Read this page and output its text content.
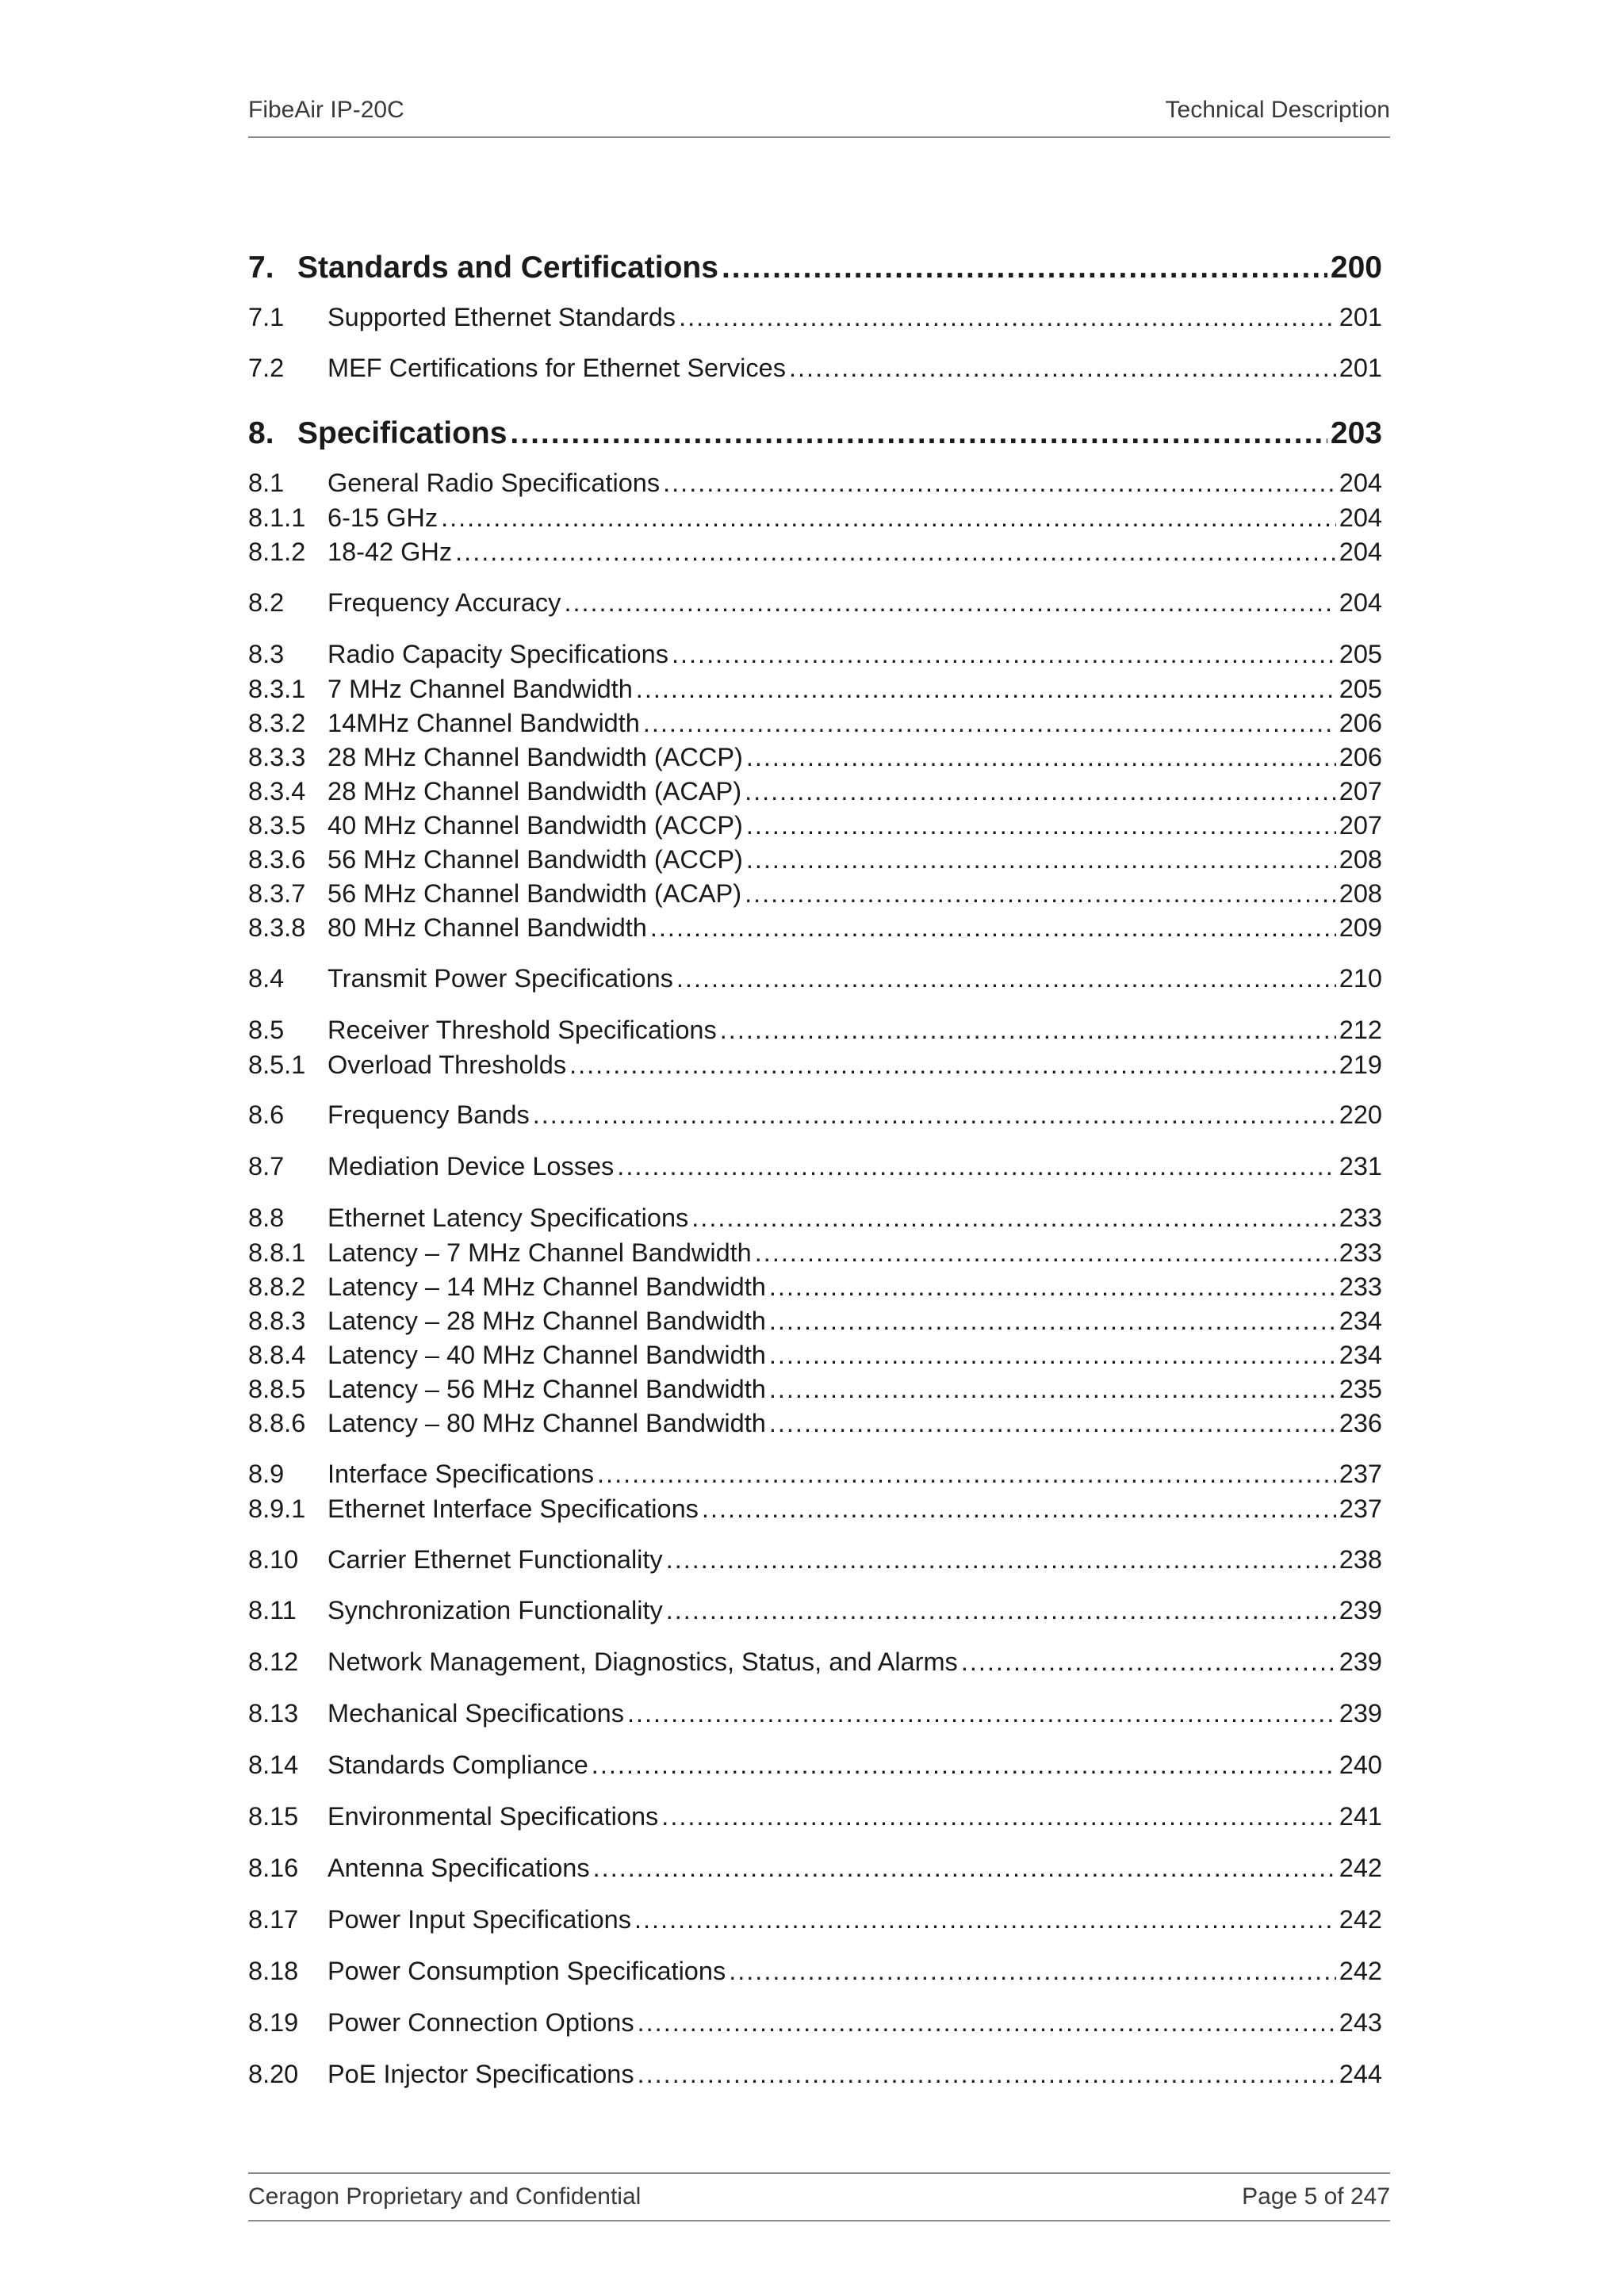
FibeAir IP-20C	Technical Description
7. Standards and Certifications .....	200
7.1	Supported Ethernet Standards .....	201
7.2	MEF Certifications for Ethernet Services .....	201
8. Specifications .....	203
8.1	General Radio Specifications .....	204
8.1.1 6-15 GHz .....	204
8.1.2 18-42 GHz .....	204
8.2	Frequency Accuracy .....	204
8.3	Radio Capacity Specifications .....	205
8.3.1 7 MHz Channel Bandwidth .....	205
8.3.2 14MHz Channel Bandwidth .....	206
8.3.3 28 MHz Channel Bandwidth (ACCP) .....	206
8.3.4 28 MHz Channel Bandwidth (ACAP) .....	207
8.3.5 40 MHz Channel Bandwidth (ACCP) .....	207
8.3.6 56 MHz Channel Bandwidth (ACCP) .....	208
8.3.7 56 MHz Channel Bandwidth (ACAP) .....	208
8.3.8 80 MHz Channel Bandwidth .....	209
8.4	Transmit Power Specifications .....	210
8.5	Receiver Threshold Specifications .....	212
8.5.1 Overload Thresholds .....	219
8.6	Frequency Bands .....	220
8.7	Mediation Device Losses .....	231
8.8	Ethernet Latency Specifications .....	233
8.8.1 Latency – 7 MHz Channel Bandwidth .....	233
8.8.2 Latency – 14 MHz Channel Bandwidth .....	233
8.8.3 Latency – 28 MHz Channel Bandwidth .....	234
8.8.4 Latency – 40 MHz Channel Bandwidth .....	234
8.8.5 Latency – 56 MHz Channel Bandwidth .....	235
8.8.6 Latency – 80 MHz Channel Bandwidth .....	236
8.9	Interface Specifications .....	237
8.9.1 Ethernet Interface Specifications .....	237
8.10	Carrier Ethernet Functionality .....	238
8.11	Synchronization Functionality .....	239
8.12	Network Management, Diagnostics, Status, and Alarms .....	239
8.13	Mechanical Specifications .....	239
8.14	Standards Compliance .....	240
8.15	Environmental Specifications .....	241
8.16	Antenna Specifications .....	242
8.17	Power Input Specifications .....	242
8.18	Power Consumption Specifications .....	242
8.19	Power Connection Options .....	243
8.20	PoE Injector Specifications .....	244
Ceragon Proprietary and Confidential	Page 5 of 247
